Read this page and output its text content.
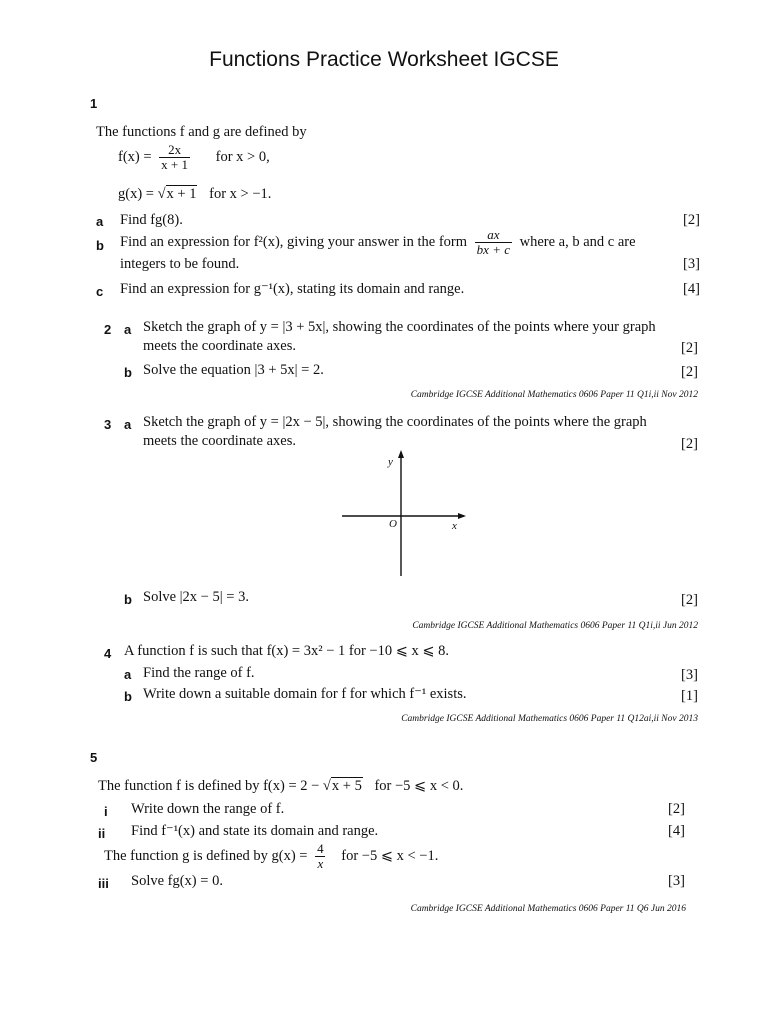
Functions Practice Worksheet IGCSE
1
The functions f and g are defined by
$f(x) = \frac{2x}{x + 1}$ for x > 0,
g(x) = √x + 1 for x > −1.
a Find fg(8).	[2]
b Find an expression for f²(x), giving your answer in the form $\frac{ax}{bx + c}$ where a, b and c are
integers to be found.	[3]
c Find an expression for g⁻¹(x), stating its domain and range.	[4]
2 a Sketch the graph of y = |3 + 5x|, showing the coordinates of the points where your graph
meets the coordinate axes.	[2]
b Solve the equation |3 + 5x| = 2.	[2]
Cambridge IGCSE Additional Mathematics 0606 Paper 11 Q1i,ii Nov 2012
3 a Sketch the graph of y = |2x − 5|, showing the coordinates of the points where the graph
meets the coordinate axes.	[2]
y
x
O
b Solve |2x − 5| = 3.	[2]
Cambridge IGCSE Additional Mathematics 0606 Paper 11 Q1i,ii Jun 2012
4 A function f is such that f(x) = 3x² − 1 for −10 ⩽ x ⩽ 8.
a Find the range of f.	[3]
b Write down a suitable domain for f for which f⁻¹ exists.	[1]
Cambridge IGCSE Additional Mathematics 0606 Paper 11 Q12ai,ii Nov 2013
5
The function f is defined by f(x) = 2 − √x + 5 for −5 ⩽ x < 0.
i Write down the range of f.	[2]
ii Find f⁻¹(x) and state its domain and range.	[4]
The function g is defined by $g(x) = \frac{4}{x}$ for −5 ⩽ x < −1.
iii Solve fg(x) = 0.	[3]
Cambridge IGCSE Additional Mathematics 0606 Paper 11 Q6 Jun 2016
